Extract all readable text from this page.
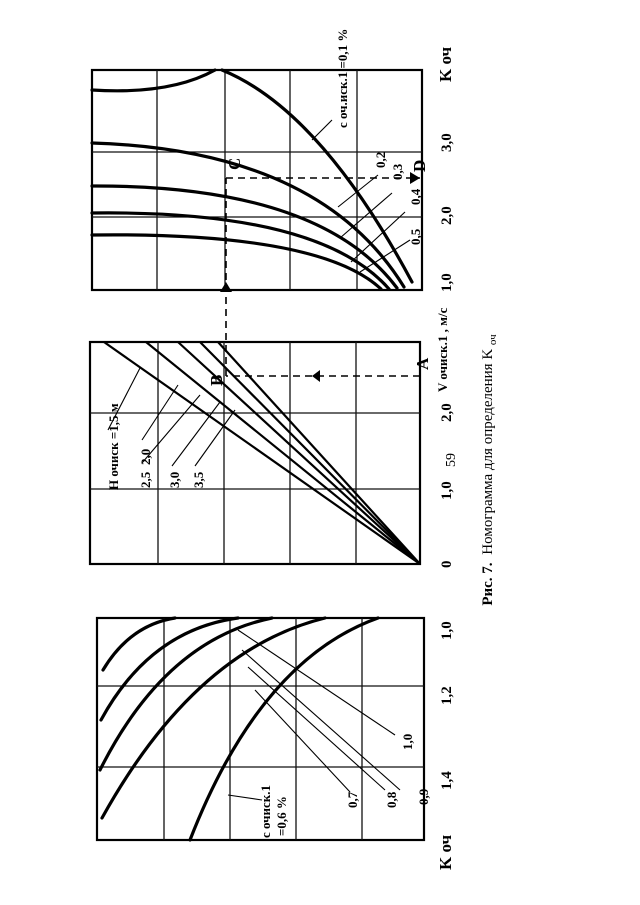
59
Рис. 7. Номограмма для определения K $_{оч}$
1,0
0,9
0,8
0,7
c очиск.1 =0,6 %
1,4
1,2
1,0
K оч
H очиск =1,5 м 2,0
2,5 3,0 3,5
0
1,0
2,0
V очиск.1 , м/с
A
B
c оч.иск.1 =0,1 %
0,2
0,3
0,4
0,5
1,0
2,0
3,0
K оч
C	D
